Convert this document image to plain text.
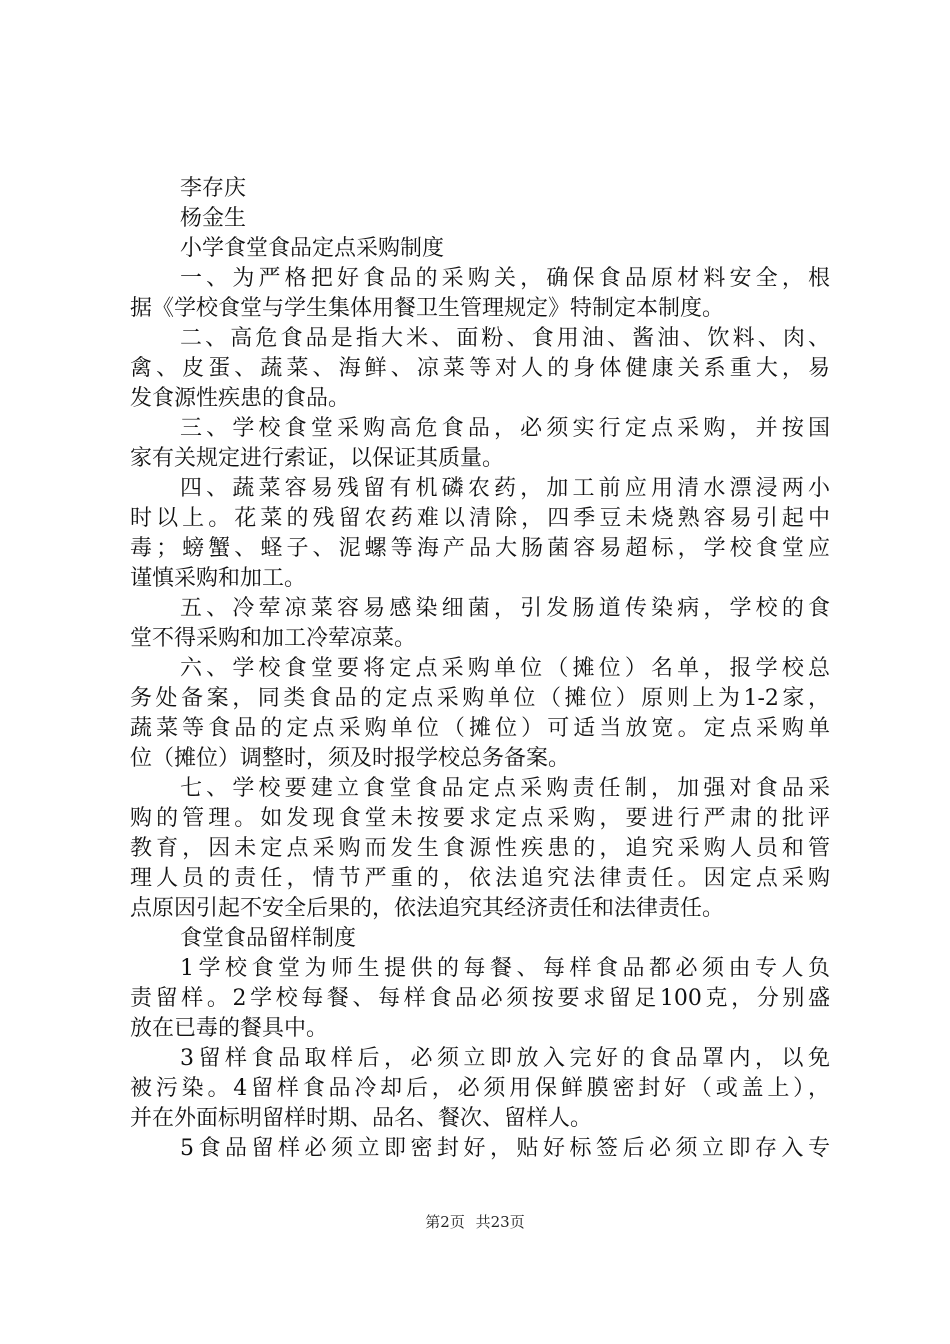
李存庆
杨金生
小学食堂食品定点采购制度
一、为严格把好食品的采购关，确保食品原材料安全，根
据《学校食堂与学生集体用餐卫生管理规定》特制定本制度。
二、高危食品是指大米、面粉、食用油、酱油、饮料、肉、
禽、皮蛋、蔬菜、海鲜、凉菜等对人的身体健康关系重大，易
发食源性疾患的食品。
三、学校食堂采购高危食品，必须实行定点采购，并按国
家有关规定进行索证，以保证其质量。
四、蔬菜容易残留有机磷农药，加工前应用清水漂浸两小
时以上。花菜的残留农药难以清除，四季豆未烧熟容易引起中
毒；螃蟹、蛏子、泥螺等海产品大肠菌容易超标，学校食堂应
谨慎采购和加工。
五、冷荤凉菜容易感染细菌，引发肠道传染病，学校的食
堂不得采购和加工冷荤凉菜。
六、学校食堂要将定点采购单位（摊位）名单，报学校总
务处备案，同类食品的定点采购单位（摊位）原则上为1-2家，
蔬菜等食品的定点采购单位（摊位）可适当放宽。定点采购单
位（摊位）调整时，须及时报学校总务备案。
七、学校要建立食堂食品定点采购责任制，加强对食品采
购的管理。如发现食堂未按要求定点采购，要进行严肃的批评
教育，因未定点采购而发生食源性疾患的，追究采购人员和管
理人员的责任，情节严重的，依法追究法律责任。因定点采购
点原因引起不安全后果的，依法追究其经济责任和法律责任。
食堂食品留样制度
1学校食堂为师生提供的每餐、每样食品都必须由专人负
责留样。2学校每餐、每样食品必须按要求留足100克，分别盛
放在已毒的餐具中。
3留样食品取样后，必须立即放入完好的食品罩内，以免
被污染。4留样食品冷却后，必须用保鲜膜密封好（或盖上），
并在外面标明留样时期、品名、餐次、留样人。
5食品留样必须立即密封好，贴好标签后必须立即存入专
第2页 共23页
